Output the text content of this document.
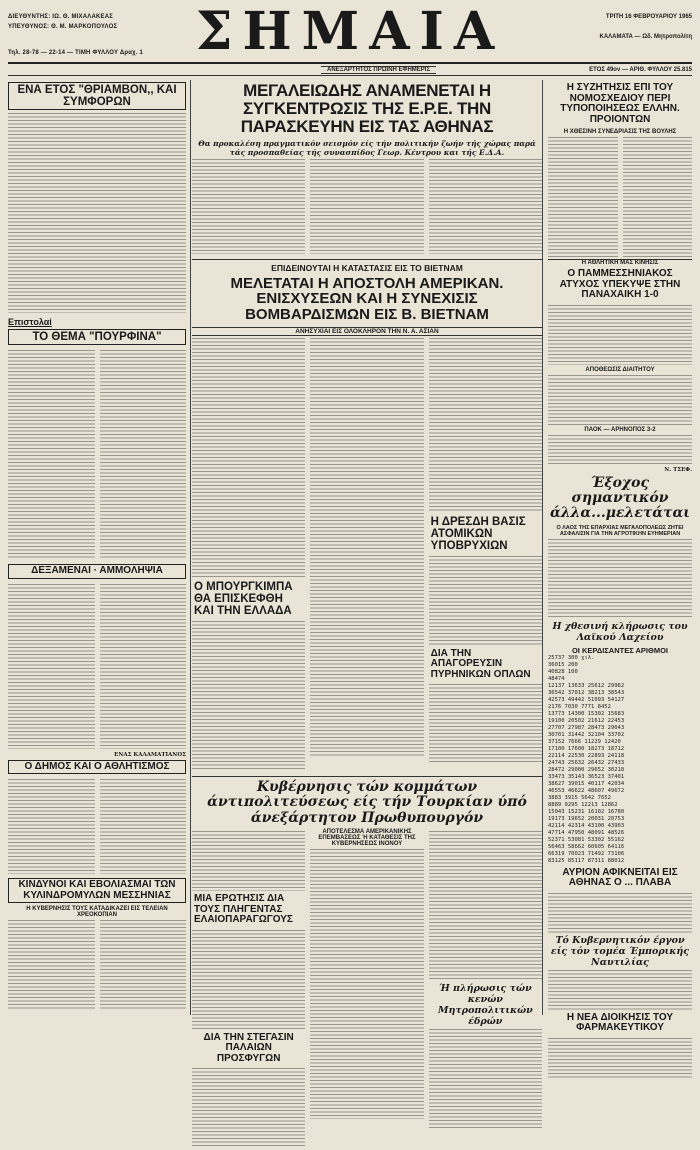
ΔΙΕΥΘΥΝΤΗΣ: ΙΩ. Θ. ΜΙΧΑΛΑΚΕΑΣ
ΥΠΕΥΘΥΝΟΣ: Θ. Μ. ΜΑΡΚΟΠΟΥΛΟΣ
Τηλ. 28-78 — 22-14 — ΤΙΜΗ ΦΥΛΛΟΥ Δραχ. 1	ΣΗΜΑΙΑ	ΤΡΙΤΗ 16 ΦΕΒΡΟΥΑΡΙΟΥ 1965
ΚΑΛΑΜΑΤΑ — Ωδ. Μητροπολίτη
ΑΝΕΞΑΡΤΗΤΟΣ ΠΡΩΙΝΗ ΕΦΗΜΕΡΙΣ	ΕΤΟΣ 49ον — ΑΡΙΘ. ΦΥΛΛΟΥ 25.815
ΕΝΑ ΕΤΟΣ "ΘΡΙΑΜΒΟΝ,, ΚΑΙ ΣΥΜΦΟΡΩΝ
Επιστολαί
ΤΟ ΘΕΜΑ "ΠΟΥΡΦΙΝΑ"
ΔΕΞΑΜΕΝΑΙ · ΑΜΜΟΛΗΨΙΑ
ΕΝΑΣ ΚΑΛΑΜΑΤΙΑΝΟΣ
Ο ΔΗΜΟΣ ΚΑΙ Ο ΑΘΛΗΤΙΣΜΟΣ
ΚΙΝΔΥΝΟΙ ΚΑΙ ΕΒΟΛΙΑΣΜΑΙ ΤΩΝ ΚΥΛΙΝΔΡΟΜΥΛΩΝ ΜΕΣΣΗΝΙΑΣ
Η ΚΥΒΕΡΝΗΣΙΣ ΤΟΥΣ ΚΑΤΑΔΙΚΑΖΕΙ ΕΙΣ ΤΕΛΕΙΑΝ ΧΡΕΟΚΟΠΙΑΝ
ΜΕΓΑΛΕΙΩΔΗΣ ΑΝΑΜΕΝΕΤΑΙ Η ΣΥΓΚΕΝΤΡΩΣΙΣ ΤΗΣ Ε.Ρ.Ε. ΤΗΝ ΠΑΡΑΣΚΕΥΗΝ ΕΙΣ ΤΑΣ ΑΘΗΝΑΣ
Θα προκαλέση πραγματικόν σεισμόν είς τήν πολιτικήν ζωήν τής χώρας παρά τάς προσπαθείας τής συνασπίδος Γεωρ. Κέντρου και τής Ε.Δ.Α.
ΕΠΙΔΕΙΝΟΥΤΑΙ Η ΚΑΤΑΣΤΑΣΙΣ ΕΙΣ ΤΟ ΒΙΕΤΝΑΜ
ΜΕΛΕΤΑΤΑΙ Η ΑΠΟΣΤΟΛΗ ΑΜΕΡΙΚΑΝ. ΕΝΙΣΧΥΣΕΩΝ ΚΑΙ Η ΣΥΝΕΧΙΣΙΣ ΒΟΜΒΑΡΔΙΣΜΩΝ ΕΙΣ Β. ΒΙΕΤΝΑΜ
ΑΝΗΣΥΧΙΑΙ ΕΙΣ ΟΛΟΚΛΗΡΟΝ ΤΗΝ Ν. Α. ΑΣΙΑΝ
Ο ΜΠΟΥΡΓΚΙΜΠΑ ΘΑ ΕΠΙΣΚΕΦΘΗ ΚΑΙ ΤΗΝ ΕΛΛΑΔΑ
Η ΔΡΕΣΔΗ ΒΑΣΙΣ ΑΤΟΜΙΚΩΝ ΥΠΟΒΡΥΧΙΩΝ
ΔΙΑ ΤΗΝ ΑΠΑΓΟΡΕΥΣΙΝ ΠΥΡΗΝΙΚΩΝ ΟΠΛΩΝ
Κυβέρνησις τών κομμάτων άντιπολιτεύσεως είς τήν Τουρκίαν ύπό άνεξάρτητον Πρωθυπουργόν
ΜΙΑ ΕΡΩΤΗΣΙΣ ΔΙΑ ΤΟΥΣ ΠΛΗΓΕΝΤΑΣ ΕΛΑΙΟΠΑΡΑΓΩΓΟΥΣ
ΔΙΑ ΤΗΝ ΣΤΕΓΑΣΙΝ ΠΑΛΑΙΩΝ ΠΡΟΣΦΥΓΩΝ
ΑΠΟΤΕΛΕΣΜΑ ΑΜΕΡΙΚΑΝΙΚΗΣ ΕΠΕΜΒΑΣΕΩΣ Ή ΚΑΤΑΘΕΣΙΣ ΤΗΣ ΚΥΒΕΡΝΗΣΕΩΣ ΙΝΟΝΟΥ
Ή πλήρωσις τών κενών Μητροπολιτικών έδρών
Η ΣΥΖΗΤΗΣΙΣ ΕΠΙ ΤΟΥ ΝΟΜΟΣΧΕΔΙΟΥ ΠΕΡΙ ΤΥΠΟΠΟΙΗΣΕΩΣ ΕΛΛΗΝ. ΠΡΟΙΟΝΤΩΝ
Η ΧΘΕΣΙΝΗ ΣΥΝΕΔΡΙΑΣΙΣ ΤΗΣ ΒΟΥΛΗΣ
Η ΑΘΛΗΤΙΚΗ ΜΑΣ ΚΙΝΗΣΙΣ
Ο ΠΑΜΜΕΣΣΗΝΙΑΚΟΣ ΑΤΥΧΟΣ ΥΠΕΚΥΨΕ ΣΤΗΝ ΠΑΝΑΧΑΙΚΗ 1-0
ΑΠΟΘΕΩΣΙΣ ΔΙΑΙΤΗΤΟΥ
ΠΑΟΚ — ΑΡΗΝΟΠΟΣ 3-2
Ν. ΤΣΕΦ.
Έξοχος σημαντικόν άλλα...μελετάται
Ο ΛΑΟΣ ΤΗΣ ΕΠΑΡΧΙΑΣ ΜΕΓΑΛΟΠΟΛΕΩΣ ΖΗΤΕΙ ΑΣΦΑΛΙΣΙΝ ΓΙΑ ΤΗΝ ΑΓΡΟΤΙΚΗΝ ΕΥΗΜΕΡΙΑΝ
Η χθεσινή κλήρωσις του Λαϊκού Λαχείου
ΟΙ ΚΕΡΔΙΣΑΝΤΕΣ ΑΡΙΘΜΟΙ
25737 300 χιλ.
36015 200
40828 100
48474
12137 13633 25612 29962
36542 37012 38213 38543
42573 49442 51093 54127
2176 7030 7771 8452
13773 14300 15302 15683
19100 20502 21612 22453
27707 27987 28473 29043
30701 31442 32104 33702
37152 7666 11229 12420
17100 17600 18273 18712
22114 22530 22893 24118
24743 25632 26432 27433
28472 29000 29652 30218
33473 35143 36523 37401
38627 39015 40117 42034
46553 46622 48607 49672
3883 3915 5642 7652
8889 9295 12213 12862
15043 15231 16102 16780
19173 19652 20031 20753
42114 42314 43100 43903
47714 47950 48091 48526
52371 53081 53302 55162
56463 58662 60605 64116
66319 70023 71492 73106
83125 85117 87311 88012
ΑΥΡΙΟΝ ΑΦΙΚΝΕΙΤΑΙ ΕΙΣ ΑΘΗΝΑΣ Ο ... ΠΛΑΒΑ
Τό Κυβερνητικόν έργον είς τόν τομέα Έμπορικής Ναυτιλίας
Η ΝΕΑ ΔΙΟΙΚΗΣΙΣ ΤΟΥ ΦΑΡΜΑΚΕΥΤΙΚΟΥ
